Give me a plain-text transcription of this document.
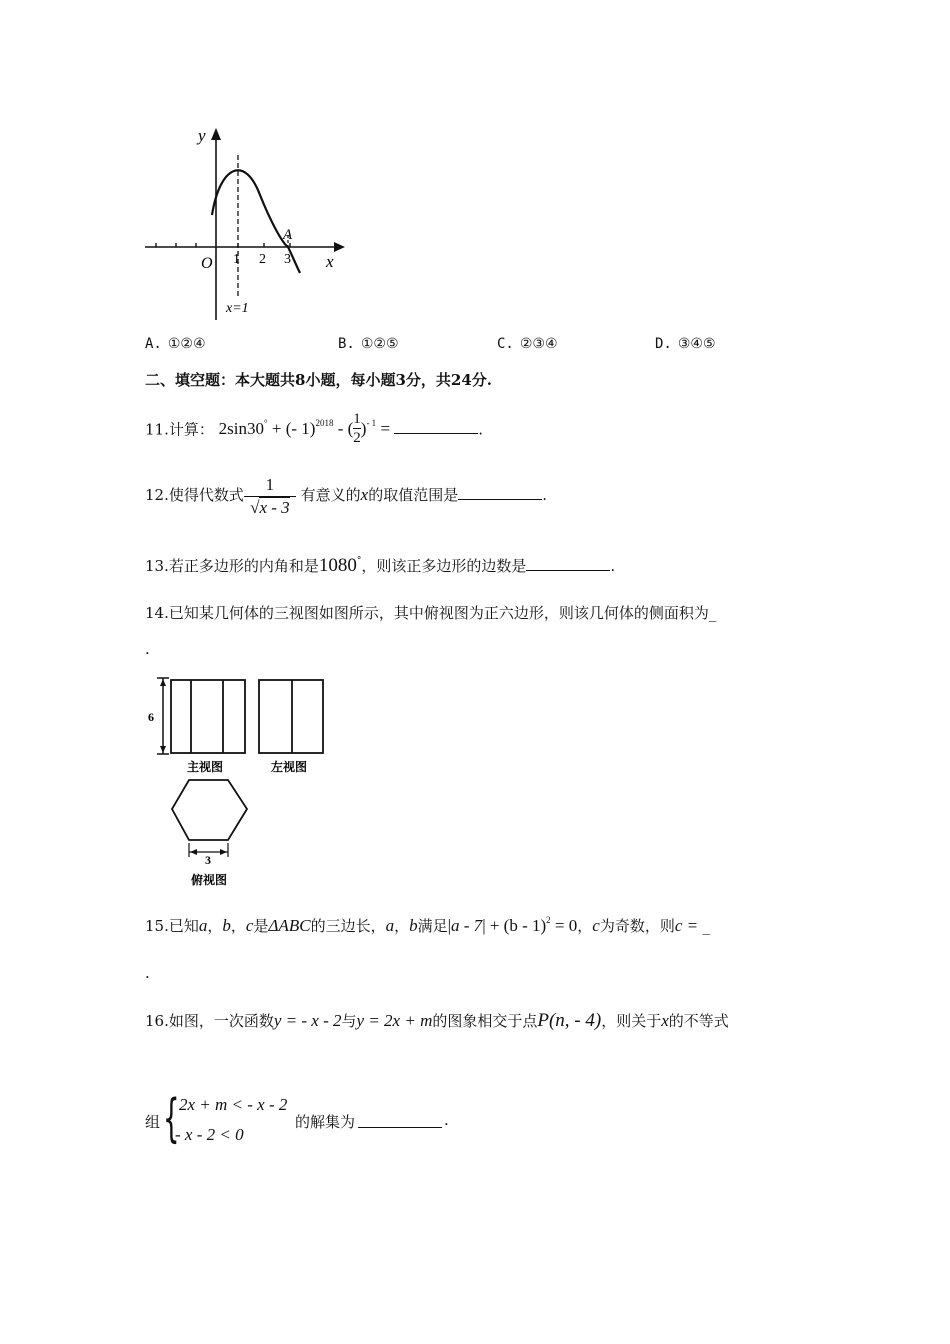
y
x
O 1 2 3
A
x=1
A. ①②④	B. ①②⑤	C. ②③④	D. ③④⑤
二、填空题：本大题共8小题，每小题3分，共24分.
11.计算： 2sin30° + (- 1)$^{2018}$ - ( $\frac{1}{2} )^{- 1}$ =	.
12.使得代数式 $\frac{1}{√x - 3}$ 有意义的x的取值范围是	.
13.若正多边形的内角和是1080°，则该正多边形的边数是	.
14.已知某几何体的三视图如图所示，其中俯视图为正六边形，则该几何体的侧面积为_
.
6
主视图	左视图
3
俯视图
15.已知a，b，c是ΔABC的三边长，a，b满足|a - 7| + (b - 1)$^2$ = 0，c为奇数，则c = _
.
16.如图，一次函数y = - x - 2与y = 2x + m的图象相交于点P(n, - 4)，则关于x的不等式
组 { 2x + m < - x - 2
- x - 2 < 0
的解集为	.
